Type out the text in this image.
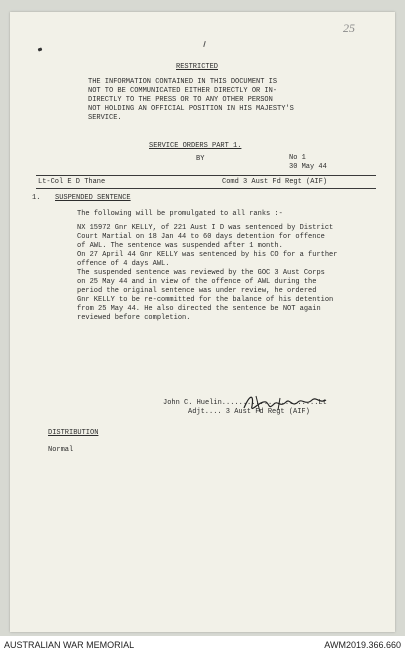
25
RESTRICTED
THE INFORMATION CONTAINED IN THIS DOCUMENT IS
NOT TO BE COMMUNICATED EITHER DIRECTLY OR IN-
DIRECTLY TO THE PRESS OR TO ANY OTHER PERSON
NOT HOLDING AN OFFICIAL POSITION IN HIS MAJESTY'S
SERVICE.
SERVICE ORDERS PART 1.
BY	No 1
30 May 44
Lt-Col E D Thane	Comd 3 Aust Fd Regt (AIF)
1. SUSPENDED SENTENCE
The following will be promulgated to all ranks :-
NX 15972 Gnr KELLY, of 221 Aust I D was sentenced by District
Court Martial on 18 Jan 44 to 60 days detention for offence
of AWL. The sentence was suspended after 1 month.
On 27 April 44 Gnr KELLY was sentenced by his CO for a further
offence of 4 days AWL.
The suspended sentence was reviewed by the GOC 3 Aust Corps
on 25 May 44 and in view of the offence of AWL during the
period the original sentence was under review, he ordered
Gnr KELLY to be re-committed for the balance of his detention
from 25 May 44. He also directed the sentence be NOT again
reviewed before completion.
John C. Huelin.......................Lt
Adjt.... 3 Aust Fd Regt (AIF)
DISTRIBUTION
Normal
AUSTRALIAN WAR MEMORIAL	AWM2019.366.660
